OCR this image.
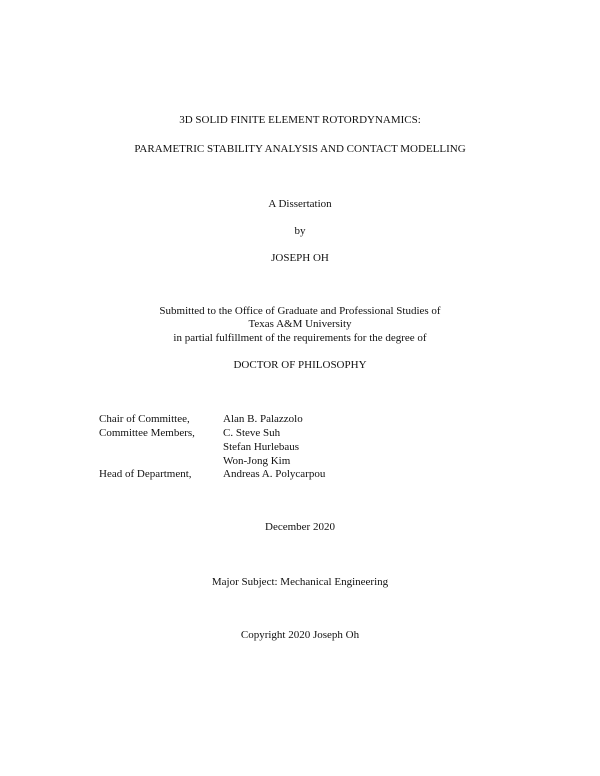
3D SOLID FINITE ELEMENT ROTORDYNAMICS:
PARAMETRIC STABILITY ANALYSIS AND CONTACT MODELLING
A Dissertation
by
JOSEPH OH
Submitted to the Office of Graduate and Professional Studies of
Texas A&M University
in partial fulfillment of the requirements for the degree of
DOCTOR OF PHILOSOPHY
Chair of Committee,	Alan B. Palazzolo
Committee Members,	C. Steve Suh
Stefan Hurlebaus
Won-Jong Kim
Head of Department,	Andreas A. Polycarpou
December 2020
Major Subject: Mechanical Engineering
Copyright 2020 Joseph Oh
